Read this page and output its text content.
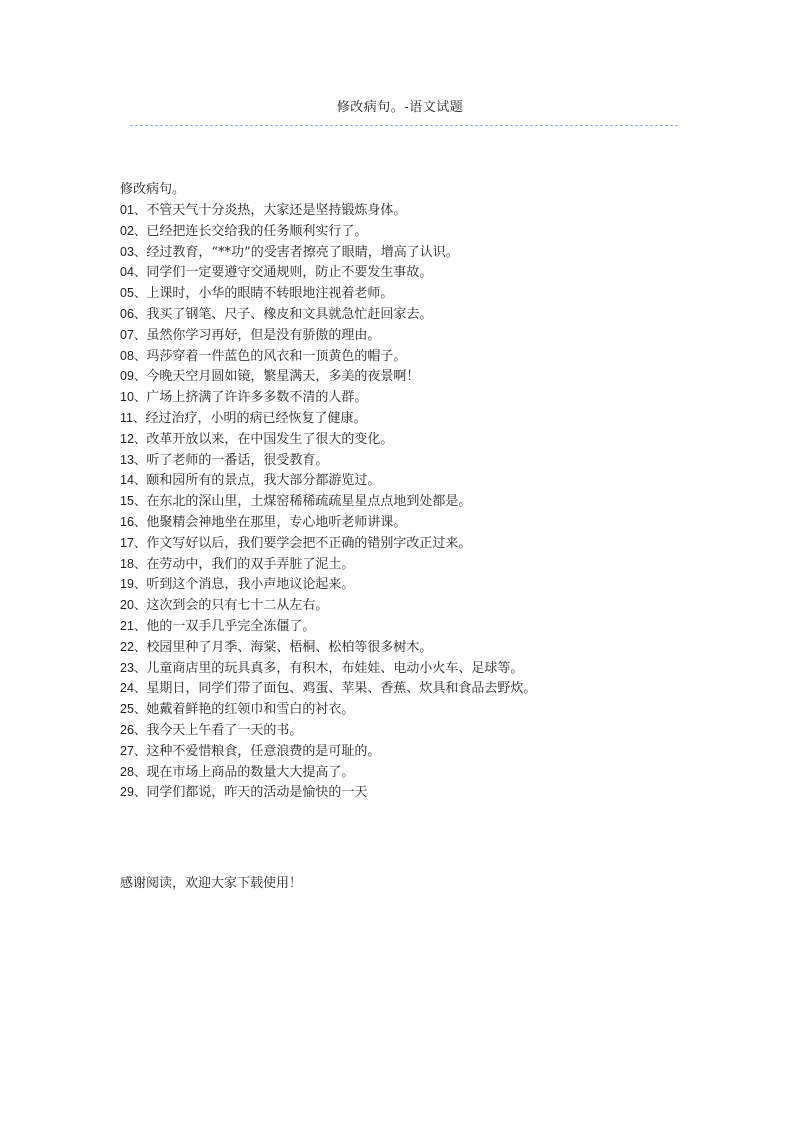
修改病句。-语文试题

修改病句。

01、不管天气十分炎热，大家还是坚持锻炼身体。
02、已经把连长交给我的任务顺利实行了。
03、经过教育，“**功”的受害者擦亮了眼睛，增高了认识。
04、同学们一定要遵守交通规则，防止不要发生事故。
05、上课时，小华的眼睛不转眼地注视着老师。
06、我买了钢笔、尺子、橡皮和文具就急忙赶回家去。
07、虽然你学习再好，但是没有骄傲的理由。
08、玛莎穿着一件蓝色的风衣和一顶黄色的帽子。
09、今晚天空月圆如镜，繁星满天，多美的夜景啊！
10、广场上挤满了许许多多数不清的人群。
11、经过治疗，小明的病已经恢复了健康。
12、改革开放以来，在中国发生了很大的变化。
13、听了老师的一番话，很受教育。
14、颐和园所有的景点，我大部分都游览过。
15、在东北的深山里，土煤窑稀稀疏疏星星点点地到处都是。
16、他聚精会神地坐在那里，专心地听老师讲课。
17、作文写好以后，我们要学会把不正确的错别字改正过来。
18、在劳动中，我们的双手弄脏了泥土。
19、听到这个消息，我小声地议论起来。
20、这次到会的只有七十二从左右。
21、他的一双手几乎完全冻僵了。
22、校园里种了月季、海棠、梧桐、松柏等很多树木。
23、儿童商店里的玩具真多，有积木，布娃娃、电动小火车、足球等。
24、星期日，同学们带了面包、鸡蛋、苹果、香蕉、炊具和食品去野炊。
25、她戴着鲜艳的红领巾和雪白的衬衣。
26、我今天上午看了一天的书。
27、这种不爱惜粮食，任意浪费的是可耻的。
28、现在市场上商品的数量大大提高了。
29、同学们都说，昨天的活动是愉快的一天
感谢阅读，欢迎大家下载使用！
